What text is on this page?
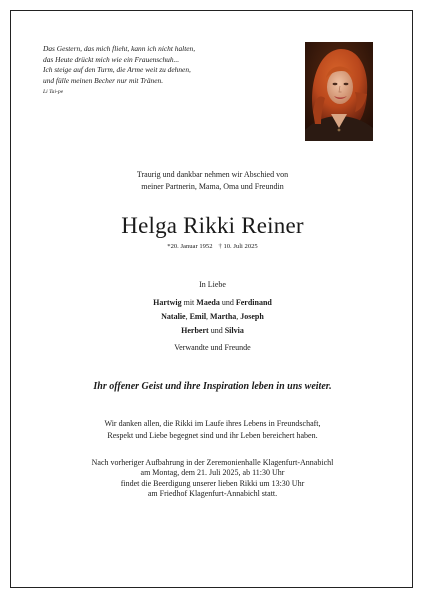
Das Gestern, das mich flieht, kann ich nicht halten,
das Heute drückt mich wie ein Frauenschuh...
Ich steige auf den Turm, die Arme weit zu dehnen,
und fülle meinen Becher nur mit Tränen.
Li Tai-pe
Traurig und dankbar nehmen wir Abschied von
meiner Partnerin, Mama, Oma und Freundin
Helga Rikki Reiner
*20. Januar 1952 † 10. Juli 2025
In Liebe
Hartwig mit Maeda und Ferdinand
Natalie, Emil, Martha, Joseph
Herbert und Silvia
Verwandte und Freunde
Ihr offener Geist und ihre Inspiration leben in uns weiter.
Wir danken allen, die Rikki im Laufe ihres Lebens in Freundschaft,
Respekt und Liebe begegnet sind und ihr Leben bereichert haben.
Nach vorheriger Aufbahrung in der Zeremonienhalle Klagenfurt-Annabichl
am Montag, dem 21. Juli 2025, ab 11:30 Uhr
findet die Beerdigung unserer lieben Rikki um 13:30 Uhr
am Friedhof Klagenfurt-Annabichl statt.
